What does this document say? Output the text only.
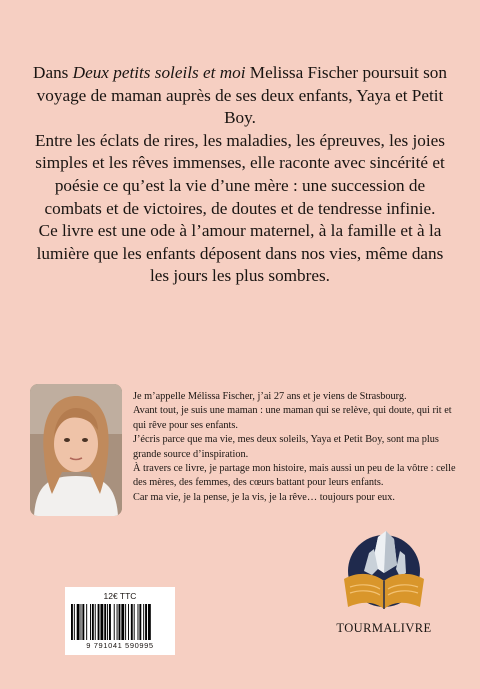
Dans Deux petits soleils et moi Melissa Fischer poursuit son voyage de maman auprès de ses deux enfants, Yaya et Petit Boy.

Entre les éclats de rires, les maladies, les épreuves, les joies simples et les rêves immenses, elle raconte avec sincérité et poésie ce qu’est la vie d’une mère : une succession de combats et de victoires, de doutes et de tendresse infinie.

Ce livre est une ode à l’amour maternel, à la famille et à la lumière que les enfants déposent dans nos vies, même dans les jours les plus sombres.

Je m’appelle Mélissa Fischer, j’ai 27 ans et je viens de Strasbourg.

Avant tout, je suis une maman : une maman qui se relève, qui doute, qui rit et qui rêve pour ses enfants.

J’écris parce que ma vie, mes deux soleils, Yaya et Petit Boy, sont ma plus grande source d’inspiration.

À travers ce livre, je partage mon histoire, mais aussi un peu de la vôtre : celle des mères, des femmes, des cœurs battant pour leurs enfants.

Car ma vie, je la pense, je la vis, je la rêve… toujours pour eux.

12€ TTC
9 791041 590995
TOURMALIVRE
